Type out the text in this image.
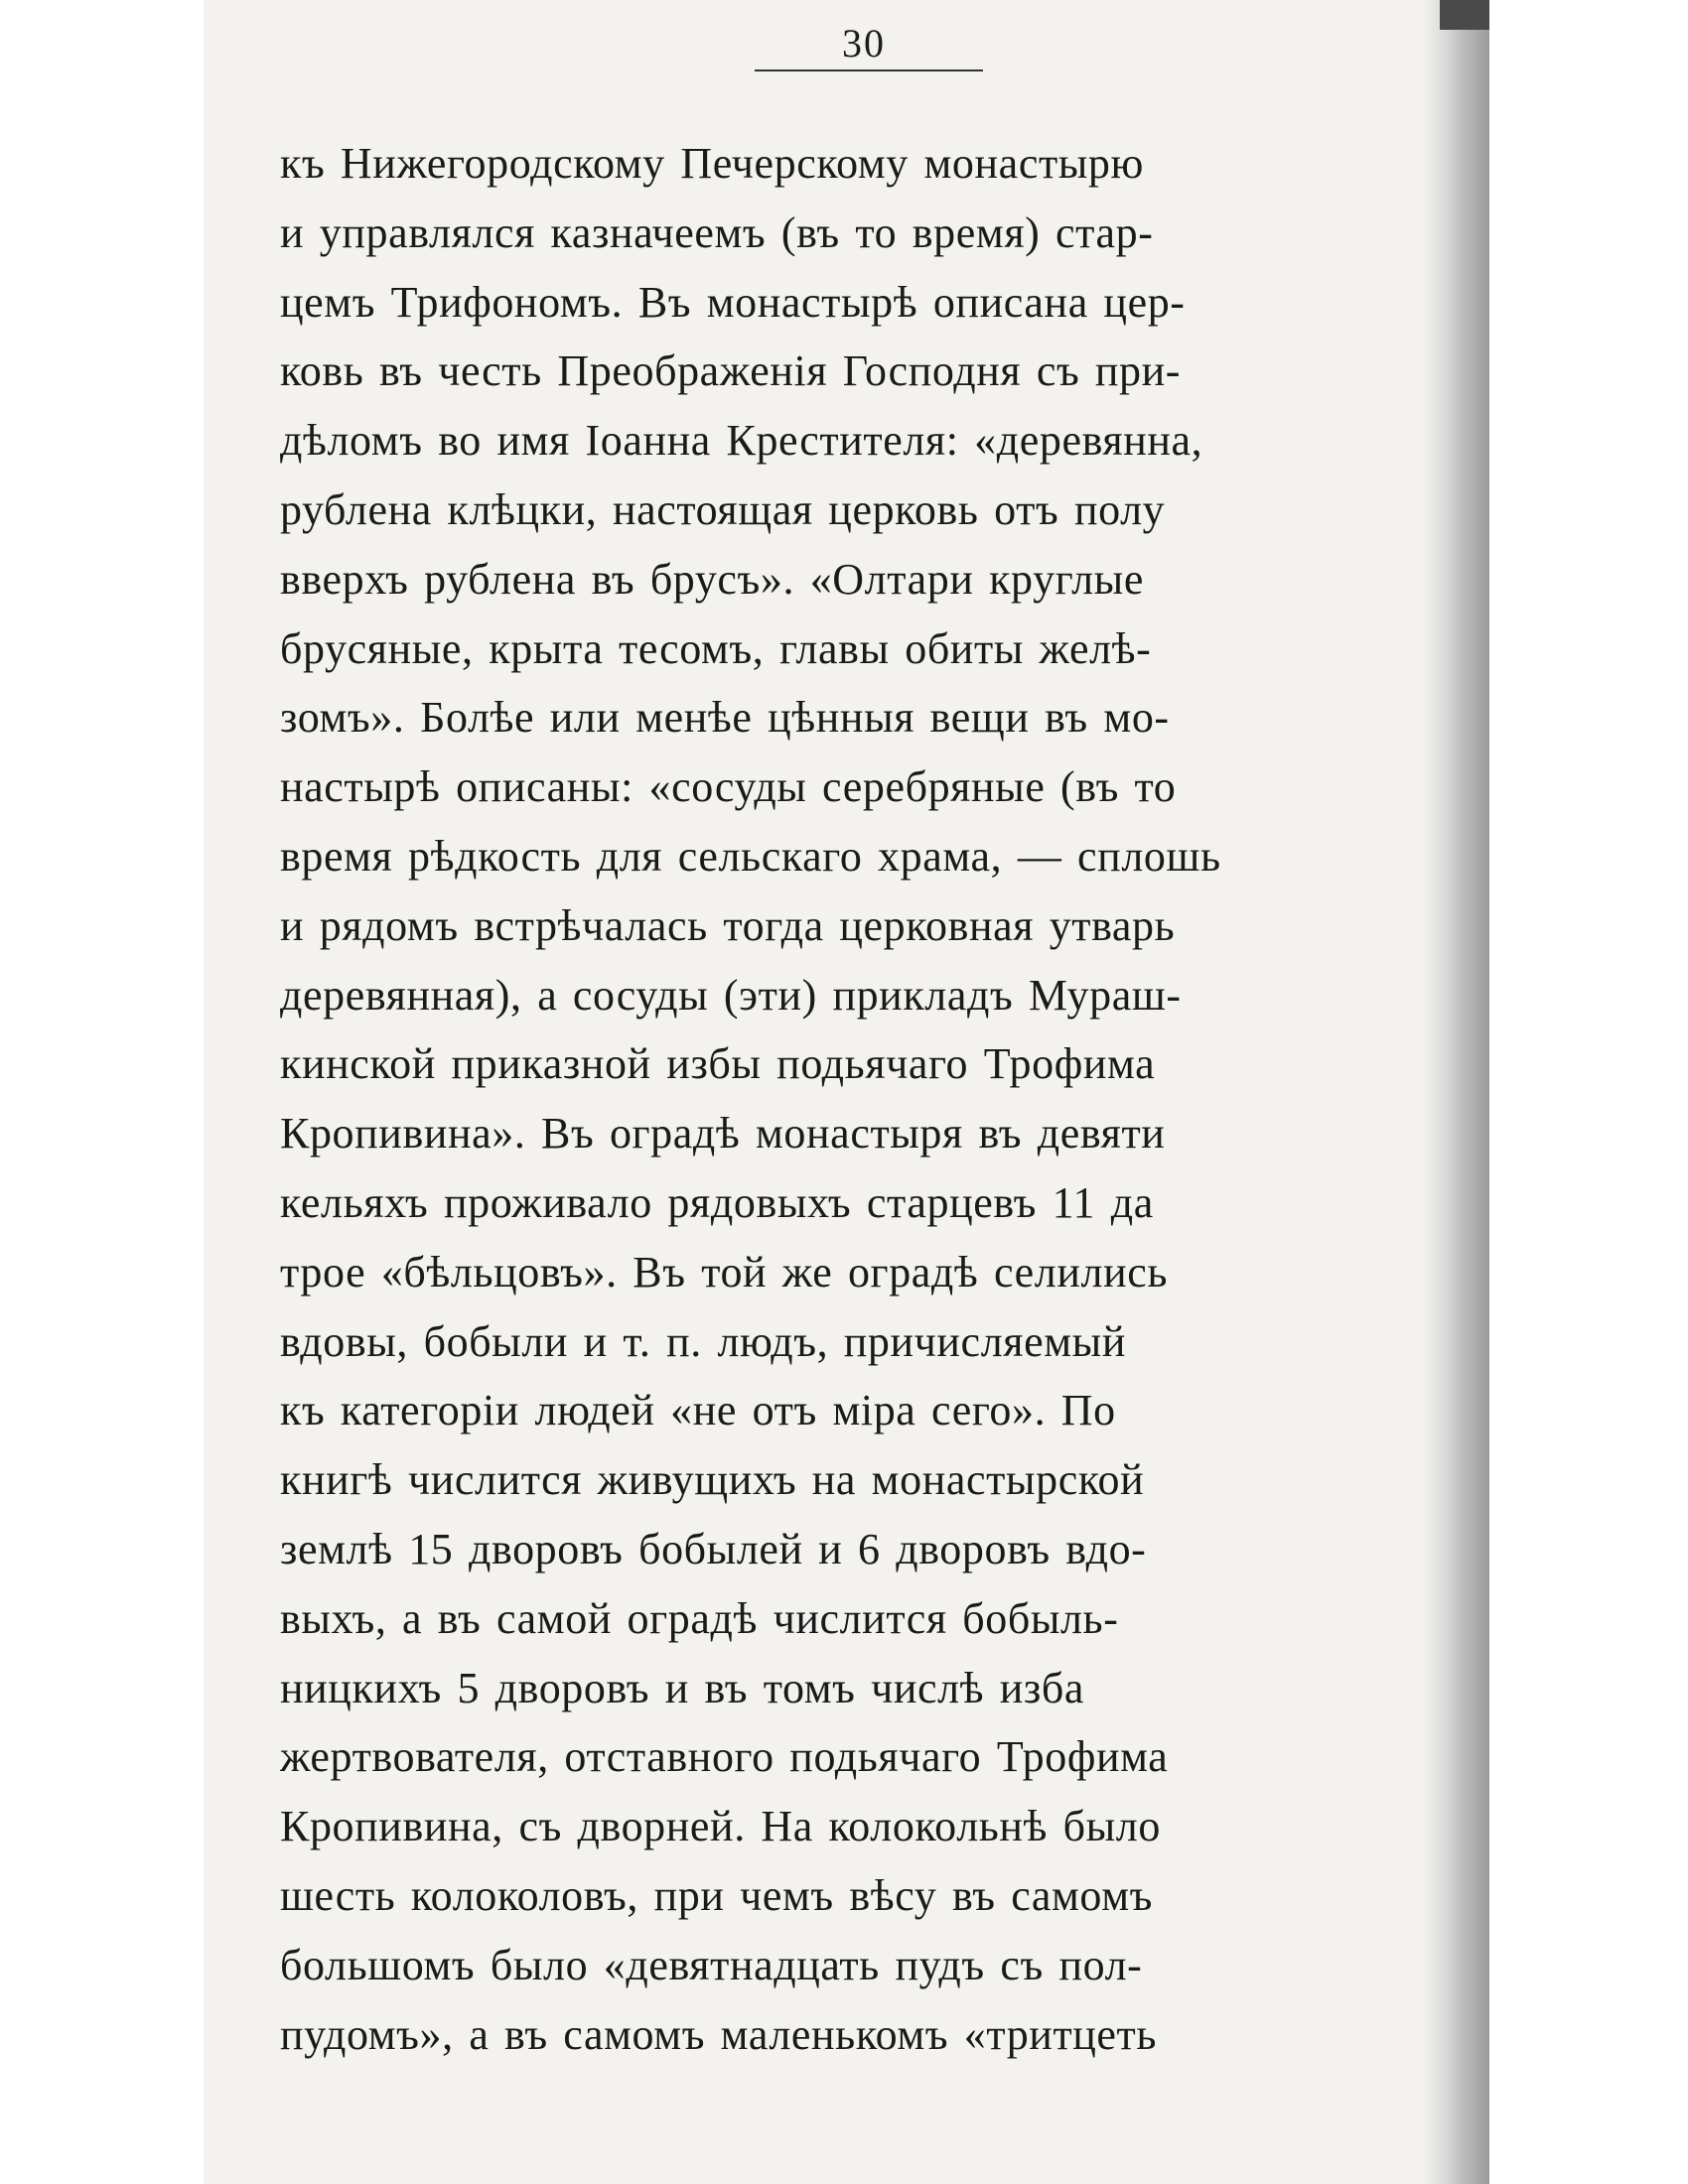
30
къ Нижегородскому Печерскому монастырю
и управлялся казначеемъ (въ то время) стар-
цемъ Трифономъ. Въ монастырѣ описана цер-
ковь въ честь Преображенія Господня съ при-
дѣломъ во имя Іоанна Крестителя: «деревянна,
рублена клѣцки, настоящая церковь отъ полу
вверхъ рублена въ брусъ». «Олтари круглые
брусяные, крыта тесомъ, главы обиты желѣ-
зомъ». Болѣе или менѣе цѣнныя вещи въ мо-
настырѣ описаны: «сосуды серебряные (въ то
время рѣдкость для сельскаго храма, — сплошь
и рядомъ встрѣчалась тогда церковная утварь
деревянная), а сосуды (эти) прикладъ Мураш-
кинской приказной избы подьячаго Трофима
Кропивина». Въ оградѣ монастыря въ девяти
кельяхъ проживало рядовыхъ старцевъ 11 да
трое «бѣльцовъ». Въ той же оградѣ селились
вдовы, бобыли и т. п. людъ, причисляемый
къ категоріи людей «не отъ міра сего». По
книгѣ числится живущихъ на монастырской
землѣ 15 дворовъ бобылей и 6 дворовъ вдо-
выхъ, а въ самой оградѣ числится бобыль-
ницкихъ 5 дворовъ и въ томъ числѣ изба
жертвователя, отставного подьячаго Трофима
Кропивина, съ дворней. На колокольнѣ было
шесть колоколовъ, при чемъ вѣсу въ самомъ
большомъ было «девятнадцать пудъ съ пол-
пудомъ», а въ самомъ маленькомъ «тритцеть
